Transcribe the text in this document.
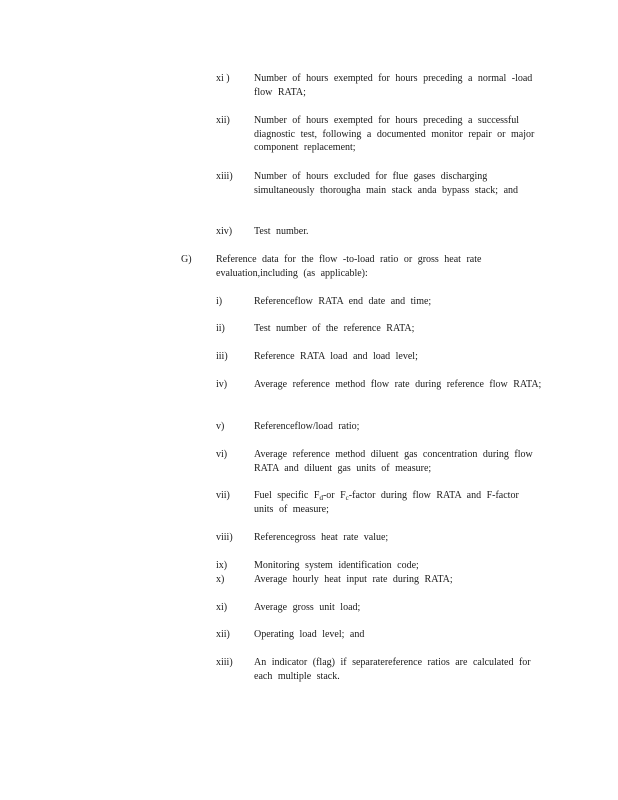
xi ) Number of hours exempted for hours preceding a normal -load flow RATA;
xii) Number of hours exempted for hours preceding a successful diagnostic test, following a documented monitor repair or major component replacement;
xiii) Number of hours excluded for flue gases discharging simultaneously thorougha main stack anda bypass stack; and
xiv) Test number.
G) Reference data for the flow -to-load ratio or gross heat rate evaluation,including (as applicable):
i)	Referenceflow RATA end date and time;
ii)	Test number of the reference RATA;
iii)	Reference RATA load and load level;
iv)	Average reference method flow rate during reference flow RATA;
v)	Referenceflow/load ratio;
vi)	Average reference method diluent gas concentration during flow RATA and diluent gas units of measure;
vii) Fuel specific $F_d-or$ $F_c$-factor during flow RATA and F-factor units of measure;
viii) Referencegross heat rate value;
ix)	Monitoring system identification code;
x)	Average hourly heat input rate during RATA;
xi)	Average gross unit load;
xii) Operating load level; and
xiii) An indicator (flag) if separatereference ratios are calculated for each multiple stack.
